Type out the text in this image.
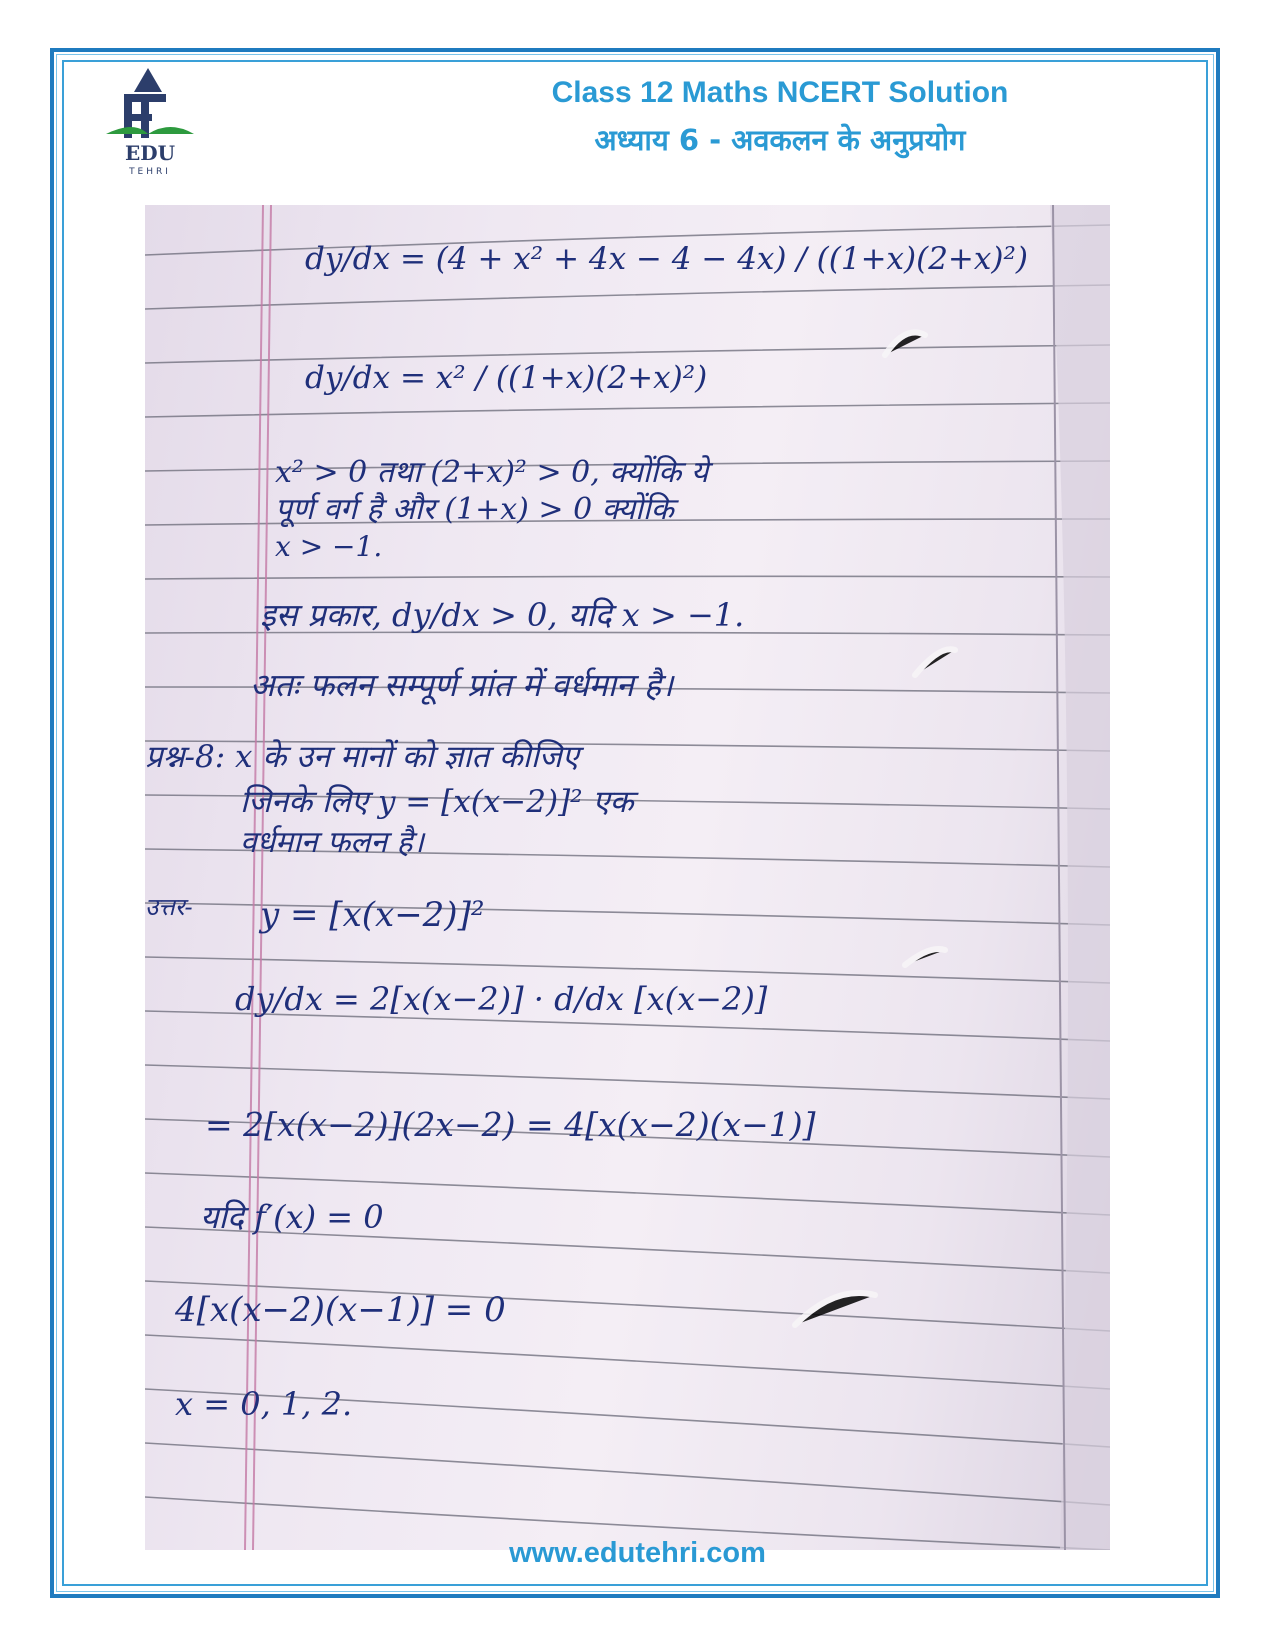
EDU
TEHRI
Class 12 Maths NCERT Solution
अध्याय 6 - अवकलन के अनुप्रयोग
dy/dx = (4 + x² + 4x − 4 − 4x) / ((1+x)(2+x)²)
dy/dx = x² / ((1+x)(2+x)²)
x² > 0 तथा (2+x)² > 0, क्योंकि ये
पूर्ण वर्ग है और (1+x) > 0 क्योंकि
x > −1.
इस प्रकार, dy/dx > 0, यदि x > −1.
अतः फलन सम्पूर्ण प्रांत में वर्धमान है।
प्रश्न-8: x के उन मानों को ज्ञात कीजिए
जिनके लिए y = [x(x−2)]² एक
वर्धमान फलन है।
उत्तर- y = [x(x−2)]²
dy/dx = 2[x(x−2)] · d/dx [x(x−2)]
= 2[x(x−2)](2x−2) = 4[x(x−2)(x−1)]
यदि f′(x) = 0
4[x(x−2)(x−1)] = 0
x = 0, 1, 2.
www.edutehri.com
